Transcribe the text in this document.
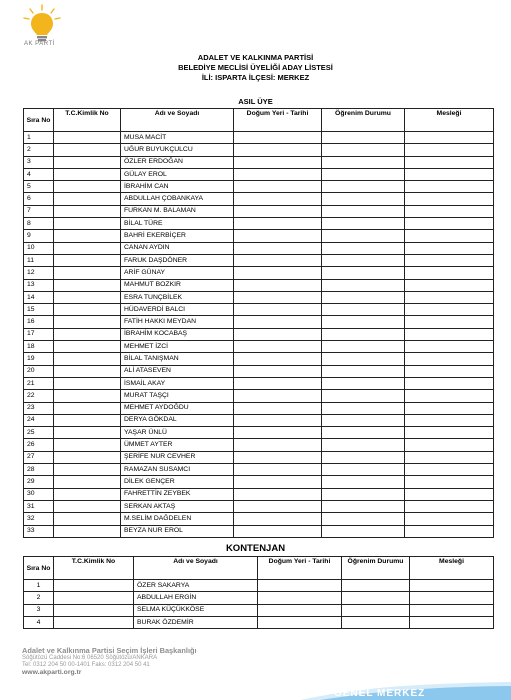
AK PARTİ
ADALET VE KALKINMA PARTİSİ
BELEDİYE MECLİSİ ÜYELİĞİ ADAY LİSTESİ
İLİ: ISPARTA İLÇESİ: MERKEZ
ASIL ÜYE
Sıra No	T.C.Kimlik No	Adı ve Soyadı	Doğum Yeri - Tarihi	Öğrenim Durumu	Mesleği
1		MUSA MACİT			
2		UĞUR BUYUKÇULCU			
3		ÖZLER ERDOĞAN			
4		GÜLAY EROL			
5		İBRAHİM CAN			
6		ABDULLAH ÇOBANKAYA			
7		FURKAN M. BALAMAN			
8		BİLAL TÜRE			
9		BAHRİ EKERBİÇER			
10		CANAN AYDIN			
11		FARUK DAŞDÖNER			
12		ARİF GÜNAY			
13		MAHMUT BOZKIR			
14		ESRA TUNÇBİLEK			
15		HÜDAVERDİ BALCI			
16		FATİH HAKKI MEYDAN			
17		İBRAHİM KOCABAŞ			
18		MEHMET İZCİ			
19		BİLAL TANIŞMAN			
20		ALİ ATASEVEN			
21		İSMAİL AKAY			
22		MURAT TAŞÇI			
23		MEHMET AYDOĞDU			
24		DERYA GÖKDAL			
25		YAŞAR ÜNLÜ			
26		ÜMMET AYTER			
27		ŞERİFE NUR CEVHER			
28		RAMAZAN SUSAMCI			
29		DİLEK GENÇER			
30		FAHRETTİN ZEYBEK			
31		SERKAN AKTAŞ			
32		M.SELİM DAĞDELEN			
33		BEYZA NUR EROL			
KONTENJAN
Sıra No	T.C.Kimlik No	Adı ve Soyadı	Doğum Yeri - Tarihi	Öğrenim Durumu	Mesleği
1		ÖZER SAKARYA			
2		ABDULLAH ERGİN			
3		SELMA KÜÇÜKKÖSE			
4		BURAK ÖZDEMİR			
Adalet ve Kalkınma Partisi Seçim İşleri Başkanlığı
Söğütözü Caddesi No:6 06520 Söğütözü/ANKARA
Tel: 0312 204 50 00-1401 Faks: 0312 204 50 41
www.akparti.org.tr
GENEL MERKEZ
